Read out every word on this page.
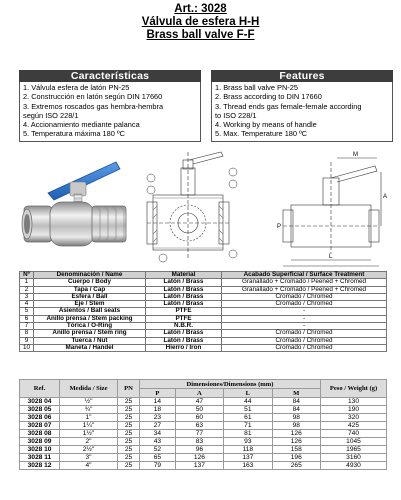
Art.: 3028
Válvula de esfera H-H
Brass ball valve F-F
Características
1. Válvula esfera de latón PN-25
2. Construcción en latón según DIN 17660
3. Extremos roscados gas hembra-hembra
según ISO 228/1
4. Accionamiento mediante palanca
5. Temperatura máxima 180 ºC
Features
1. Brass ball valve PN-25
2. Brass according to DIN 17660
3. Thread ends gas female-female according
to ISO 228/1
4. Working by means of handle
5. Max. Temperature 180 ºC
M
A
L
P
Nº	Denominación / Name	Material	Acabado Superficial / Surface Treatment
1	Cuerpo / Body	Latón / Brass	Granallado + Cromado / Peened + Chromed
2	Tapa / Cap	Latón / Brass	Granallado + Cromado / Peened + Chromed
3	Esfera / Ball	Latón / Brass	Cromado / Chromed
4	Eje / Stem	Latón / Brass	Cromado / Chromed
5	Asientos / Ball seats	PTFE	-
6	Anillo prensa / Stem packing	PTFE	-
7	Tórica / O-Ring	N.B.R.	-
8	Anillo prensa / Stem ring	Latón / Brass	Cromado / Chromed
9	Tuerca / Nut	Latón / Brass	Cromado / Chromed
10	Maneta / Handel	Hierro / Iron	Cromado / Chromed
Ref.	Medida / Size	PN	Dimensiones/Dimensions (mm)				Peso / Weight (g)
			P	A	L	M	
3028 04	½"	25	14	47	44	84	130
3028 05	¾"	25	18	50	51	84	190
3028 06	1"	25	23	60	61	98	320
3028 07	1¼"	25	27	63	71	98	425
3028 08	1½"	25	34	77	81	126	740
3028 09	2"	25	43	83	93	126	1045
3028 10	2½"	25	52	96	118	158	1965
3028 11	3"	25	65	126	137	196	3160
3028 12	4"	25	79	137	163	265	4930
